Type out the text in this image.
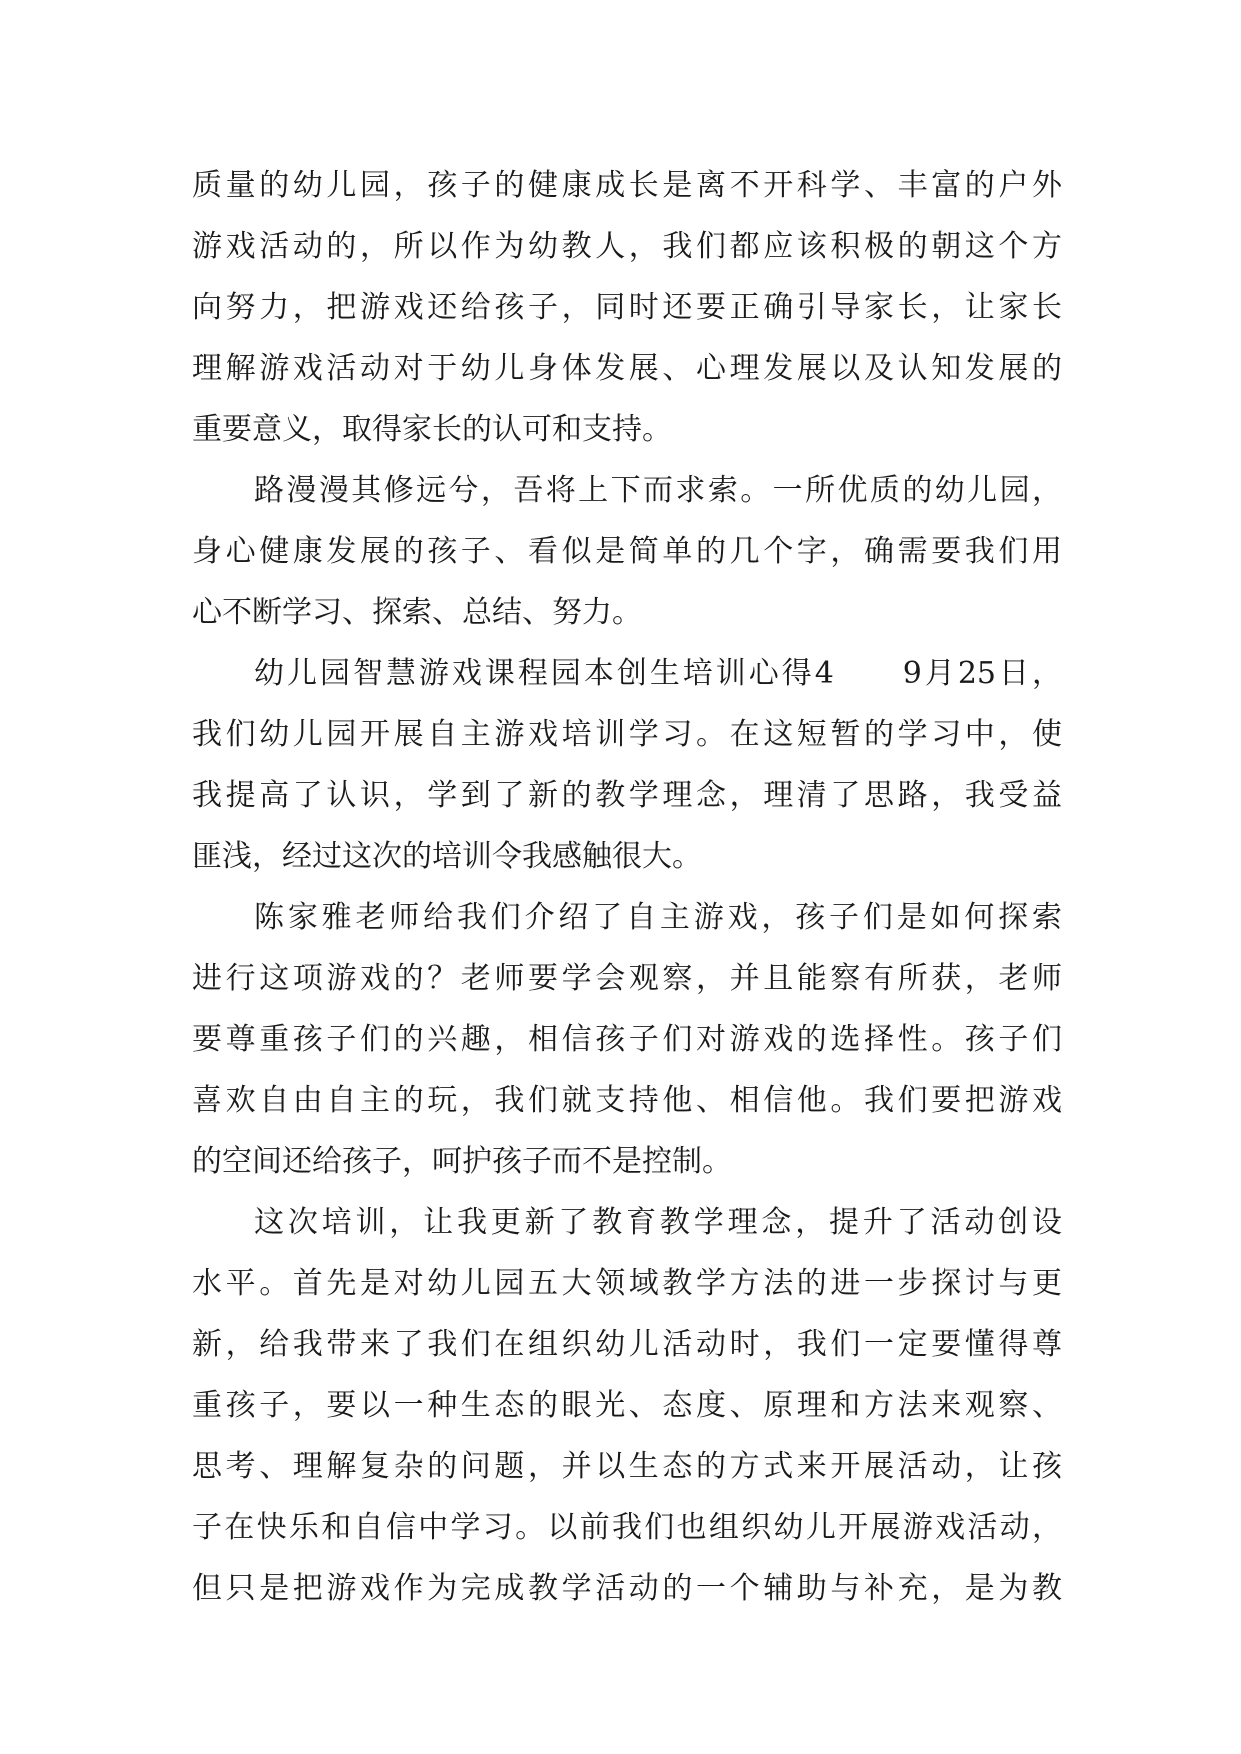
质量的幼儿园，孩子的健康成长是离不开科学、丰富的户外
游戏活动的，所以作为幼教人，我们都应该积极的朝这个方
向努力，把游戏还给孩子，同时还要正确引导家长，让家长
理解游戏活动对于幼儿身体发展、心理发展以及认知发展的
重要意义，取得家长的认可和支持。
路漫漫其修远兮，吾将上下而求索。一所优质的幼儿园，
身心健康发展的孩子、看似是简单的几个字，确需要我们用
心不断学习、探索、总结、努力。
幼儿园智慧游戏课程园本创生培训心得4　　9月25日，
我们幼儿园开展自主游戏培训学习。在这短暂的学习中，使
我提高了认识，学到了新的教学理念，理清了思路，我受益
匪浅，经过这次的培训令我感触很大。
陈家雅老师给我们介绍了自主游戏，孩子们是如何探索
进行这项游戏的？老师要学会观察，并且能察有所获，老师
要尊重孩子们的兴趣，相信孩子们对游戏的选择性。孩子们
喜欢自由自主的玩，我们就支持他、相信他。我们要把游戏
的空间还给孩子，呵护孩子而不是控制。
这次培训，让我更新了教育教学理念，提升了活动创设
水平。首先是对幼儿园五大领域教学方法的进一步探讨与更
新，给我带来了我们在组织幼儿活动时，我们一定要懂得尊
重孩子，要以一种生态的眼光、态度、原理和方法来观察、
思考、理解复杂的问题，并以生态的方式来开展活动，让孩
子在快乐和自信中学习。以前我们也组织幼儿开展游戏活动，
但只是把游戏作为完成教学活动的一个辅助与补充，是为教
